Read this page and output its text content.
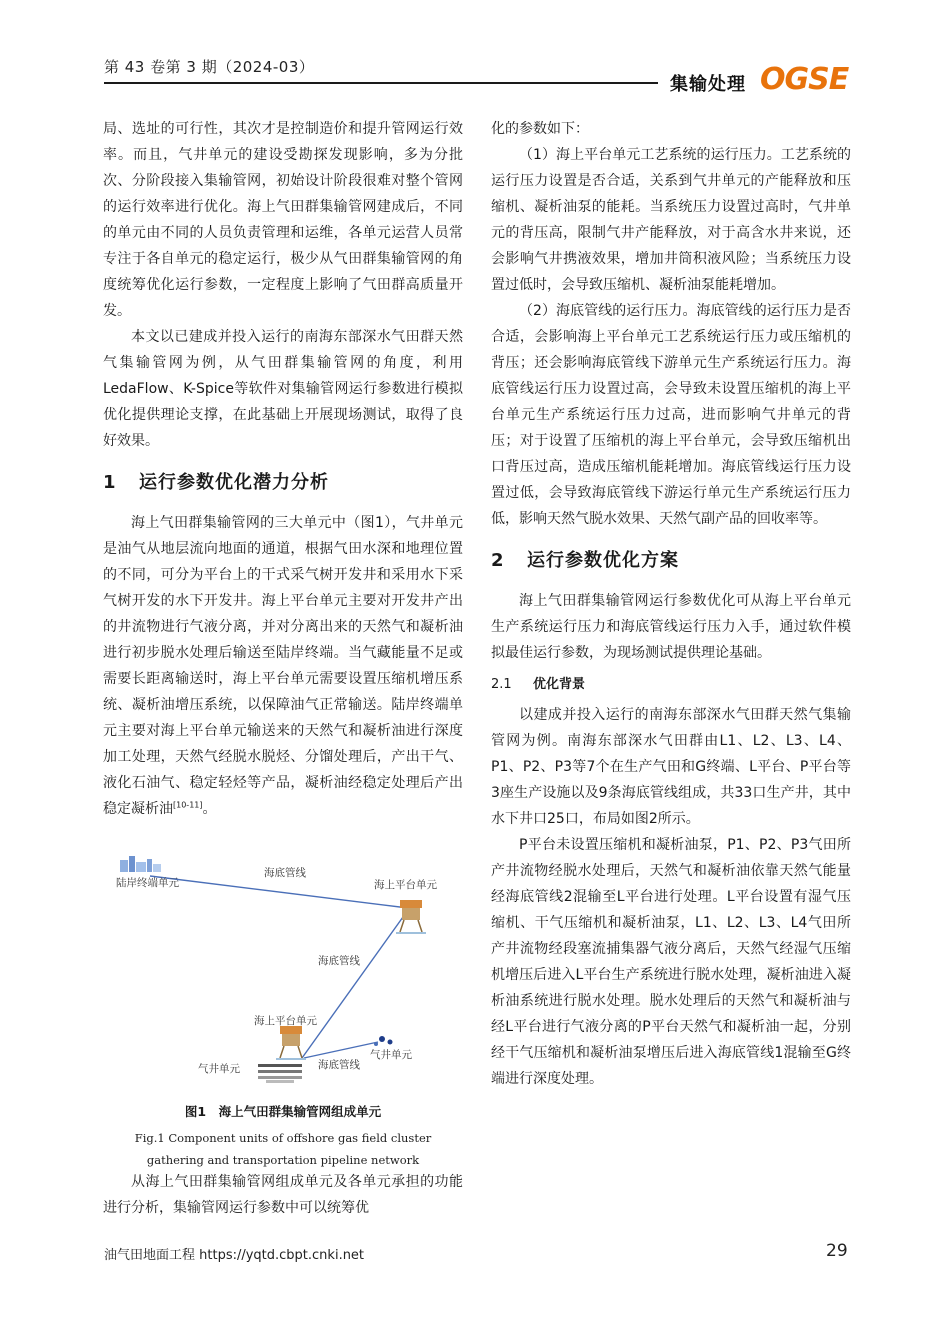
第 43 卷第 3 期（2024-03）
集输处理 OGSE

局、选址的可行性，其次才是控制造价和提升管网运行效率。而且，气井单元的建设受勘探发现影响，多为分批次、分阶段接入集输管网，初始设计阶段很难对整个管网的运行效率进行优化。海上气田群集输管网建成后，不同的单元由不同的人员负责管理和运维，各单元运营人员常专注于各自单元的稳定运行，极少从气田群集输管网的角度统筹优化运行参数，一定程度上影响了气田群高质量开发。

本文以已建成并投入运行的南海东部深水气田群天然气集输管网为例，从气田群集输管网的角度，利用LedaFlow、K-Spice等软件对集输管网运行参数进行模拟优化提供理论支撑，在此基础上开展现场测试，取得了良好效果。

1 运行参数优化潜力分析

海上气田群集输管网的三大单元中（图1），气井单元是油气从地层流向地面的通道，根据气田水深和地理位置的不同，可分为平台上的干式采气树开发井和采用水下采气树开发的水下开发井。海上平台单元主要对开发井产出的井流物进行气液分离，并对分离出来的天然气和凝析油进行初步脱水处理后输送至陆岸终端。当气藏能量不足或需要长距离输送时，海上平台单元需要设置压缩机增压系统、凝析油增压系统，以保障油气正常输送。陆岸终端单元主要对海上平台单元输送来的天然气和凝析油进行深度加工处理，天然气经脱水脱烃、分馏处理后，产出干气、液化石油气、稳定轻烃等产品，凝析油经稳定处理后产出稳定凝析油[10-11]。

陆岸终端单元
海底管线
海上平台单元
海底管线
海上平台单元
气井单元
气井单元	海底管线
图1　海上气田群集输管网组成单元
Fig.1 Component units of offshore gas field cluster
gathering and transportation pipeline network

从海上气田群集输管网组成单元及各单元承担的功能进行分析，集输管网运行参数中可以统筹优

化的参数如下：

（1）海上平台单元工艺系统的运行压力。工艺系统的运行压力设置是否合适，关系到气井单元的产能释放和压缩机、凝析油泵的能耗。当系统压力设置过高时，气井单元的背压高，限制气井产能释放，对于高含水井来说，还会影响气井携液效果，增加井筒积液风险；当系统压力设置过低时，会导致压缩机、凝析油泵能耗增加。

（2）海底管线的运行压力。海底管线的运行压力是否合适，会影响海上平台单元工艺系统运行压力或压缩机的背压；还会影响海底管线下游单元生产系统运行压力。海底管线运行压力设置过高，会导致未设置压缩机的海上平台单元生产系统运行压力过高，进而影响气井单元的背压；对于设置了压缩机的海上平台单元，会导致压缩机出口背压过高，造成压缩机能耗增加。海底管线运行压力设置过低，会导致海底管线下游运行单元生产系统运行压力低，影响天然气脱水效果、天然气副产品的回收率等。

2 运行参数优化方案

海上气田群集输管网运行参数优化可从海上平台单元生产系统运行压力和海底管线运行压力入手，通过软件模拟最佳运行参数，为现场测试提供理论基础。

2.1 优化背景

以建成并投入运行的南海东部深水气田群天然气集输管网为例。南海东部深水气田群由L1、L2、L3、L4、P1、P2、P3等7个在生产气田和G终端、L平台、P平台等3座生产设施以及9条海底管线组成，共33口生产井，其中水下井口25口，布局如图2所示。

P平台未设置压缩机和凝析油泵，P1、P2、P3气田所产井流物经脱水处理后，天然气和凝析油依靠天然气能量经海底管线2混输至L平台进行处理。L平台设置有湿气压缩机、干气压缩机和凝析油泵，L1、L2、L3、L4气田所产井流物经段塞流捕集器气液分离后，天然气经湿气压缩机增压后进入L平台生产系统进行脱水处理，凝析油进入凝析油系统进行脱水处理。脱水处理后的天然气和凝析油与经L平台进行气液分离的P平台天然气和凝析油一起，分别经干气压缩机和凝析油泵增压后进入海底管线1混输至G终端进行深度处理。

油气田地面工程 https://yqtd.cbpt.cnki.net	29
